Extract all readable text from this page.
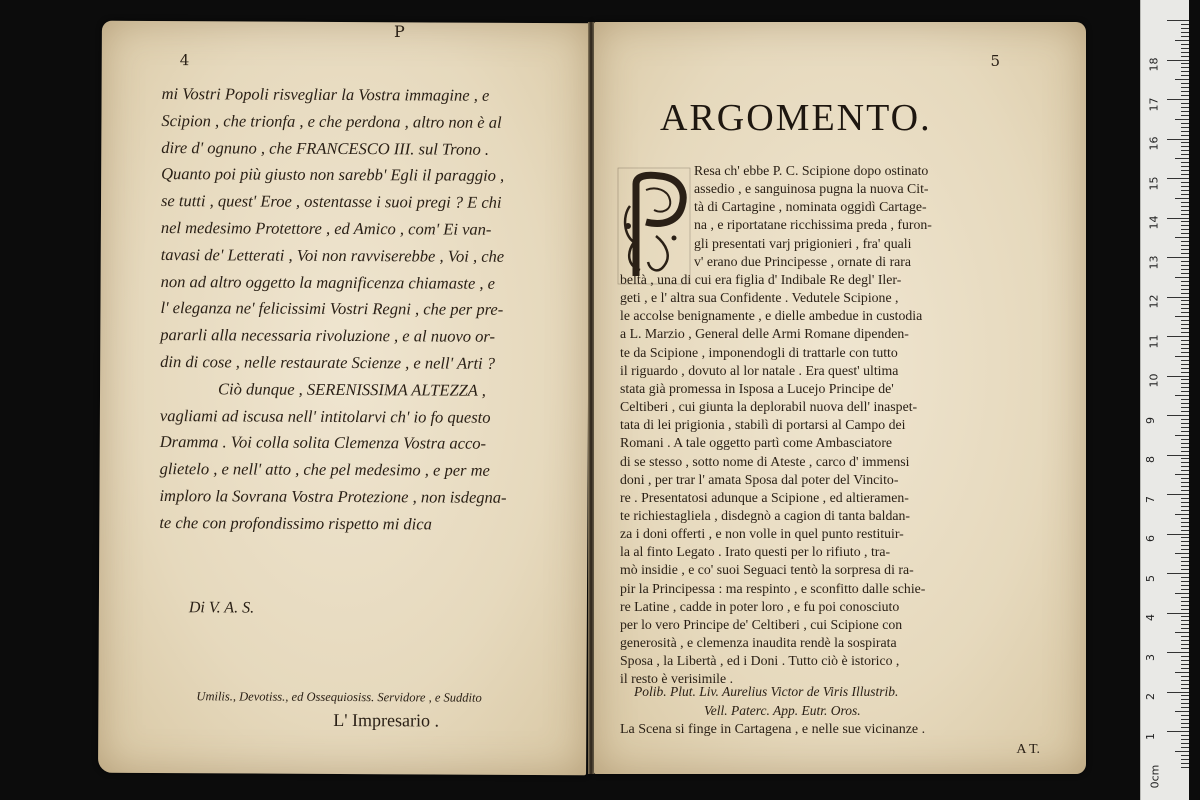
4
mi Vostri Popoli risvegliar la Vostra immagine , e
Scipion , che trionfa , e che perdona , altro non è al
dire d' ognuno , che FRANCESCO III. sul Trono .
Quanto poi più giusto non sarebb' Egli il paraggio ,
se tutti , quest' Eroe , ostentasse i suoi pregi ? E chi
nel medesimo Protettore , ed Amico , com' Ei van-
tavasi de' Letterati , Voi non ravviserebbe , Voi , che
non ad altro oggetto la magnificenza chiamaste , e
l' eleganza ne' felicissimi Vostri Regni , che per pre-
pararli alla necessaria rivoluzione , e al nuovo or-
din di cose , nelle restaurate Scienze , e nell' Arti ?
Ciò dunque , SERENISSIMA ALTEZZA ,
vagliami ad iscusa nell' intitolarvi ch' io fo questo
Dramma . Voi colla solita Clemenza Vostra acco-
glietelo , e nell' atto , che pel medesimo , e per me
imploro la Sovrana Vostra Protezione , non isdegna-
te che con profondissimo rispetto mi dica
Di V. A. S.
Umilis., Devotiss., ed Ossequiosiss. Servidore , e Suddito
L' Impresario .
5
ARGOMENTO.
P
Resa ch' ebbe P. C. Scipione dopo ostinato
assedio , e sanguinosa pugna la nuova Cit-
tà di Cartagine , nominata oggidì Cartage-
na , e riportatane ricchissima preda , furon-
gli presentati varj prigionieri , fra' quali
v' erano due Principesse , ornate di rara
beltà , una di cui era figlia d' Indibale Re degl' Iler-
geti , e l' altra sua Confidente . Vedutele Scipione ,
le accolse benignamente , e dielle ambedue in custodia
a L. Marzio , General delle Armi Romane dipenden-
te da Scipione , imponendogli di trattarle con tutto
il riguardo , dovuto al lor natale . Era quest' ultima
stata già promessa in Isposa a Lucejo Principe de'
Celtiberi , cui giunta la deplorabil nuova dell' inaspet-
tata di lei prigionia , stabilì di portarsi al Campo dei
Romani . A tale oggetto partì come Ambasciatore
di se stesso , sotto nome di Ateste , carco d' immensi
doni , per trar l' amata Sposa dal poter del Vincito-
re . Presentatosi adunque a Scipione , ed altieramen-
te richiestagliela , disdegnò a cagion di tanta baldan-
za i doni offerti , e non volle in quel punto restituir-
la al finto Legato . Irato questi per lo rifiuto , tra-
mò insidie , e co' suoi Seguaci tentò la sorpresa di ra-
pir la Principessa : ma respinto , e sconfitto dalle schie-
re Latine , cadde in poter loro , e fu poi conosciuto
per lo vero Principe de' Celtiberi , cui Scipione con
generosità , e clemenza inaudita rendè la sospirata
Sposa , la Libertà , ed i Doni . Tutto ciò è istorico ,
il resto è verisimile .
Polib. Plut. Liv. Aurelius Victor de Viris Illustrib.
Vell. Paterc. App. Eutr. Oros.
La Scena si finge in Cartagena , e nelle sue vicinanze .
A T.
18
17
16
15
14
13
12
11
10
9
8
7
6
5
4
3
2
1
0cm
